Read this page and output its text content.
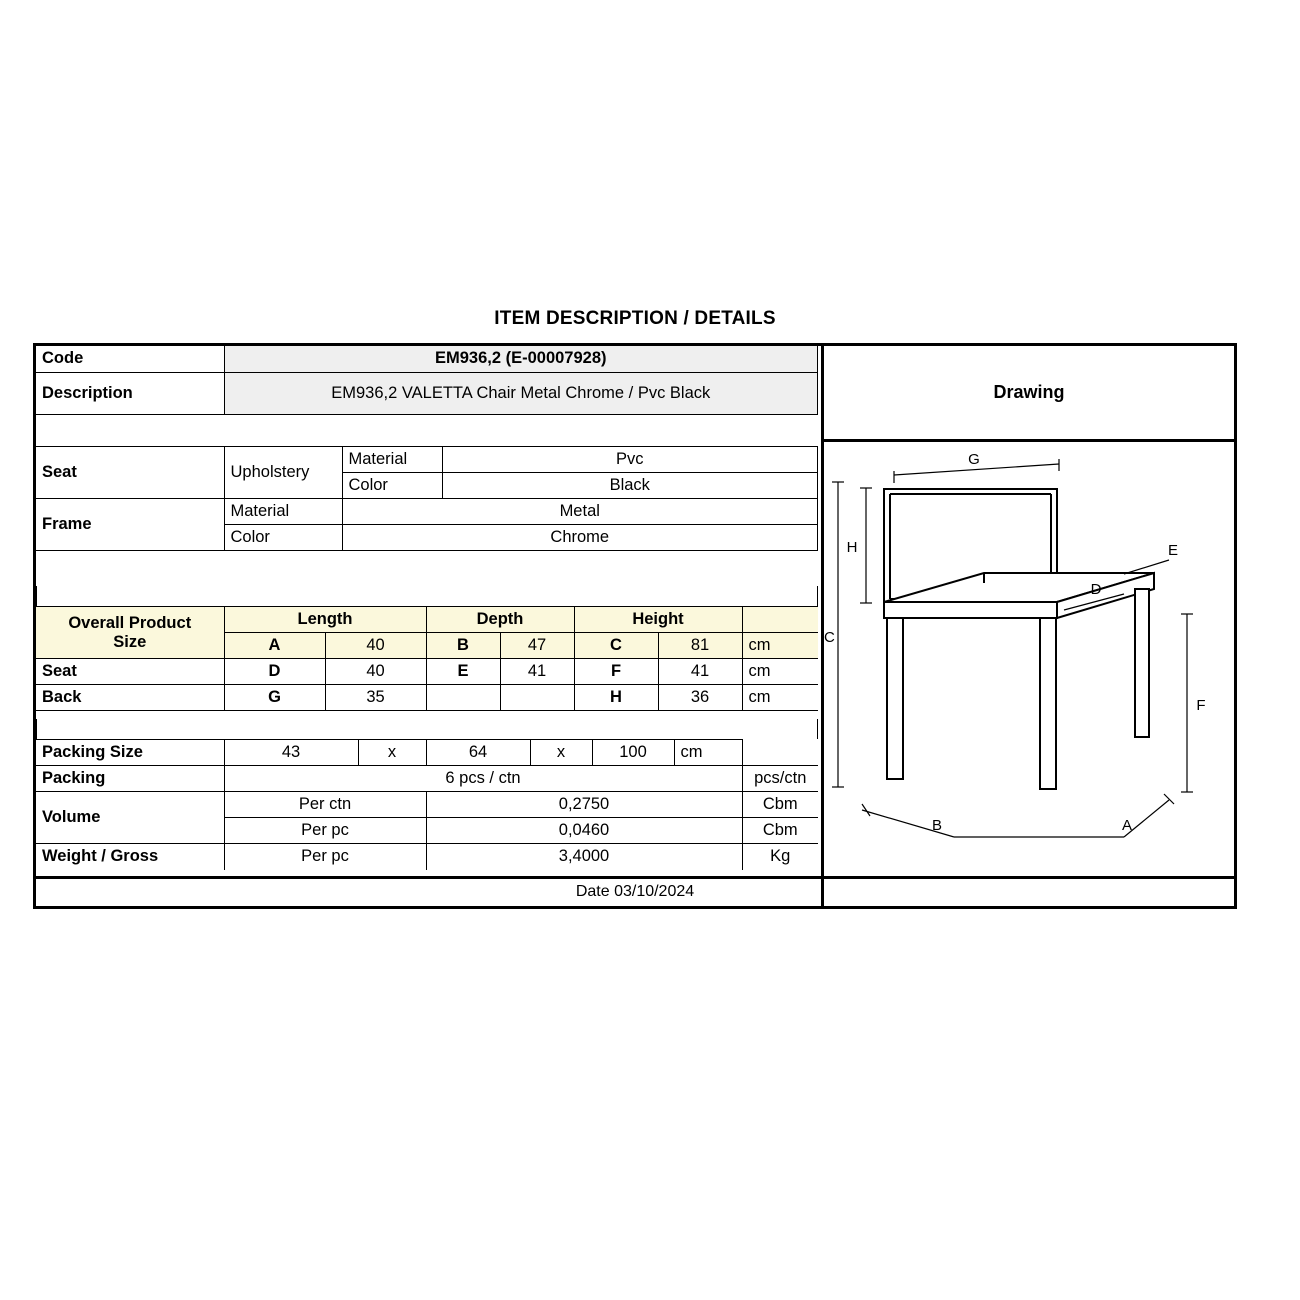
ITEM DESCRIPTION / DETAILS
Code	EM936,2 (E-00007928)
Description	EM936,2 VALETTA Chair Metal Chrome / Pvc Black
Seat	Upholstery	Material	Pvc
		Color	Black
Frame	Material	Metal	
	Color	Chrome	
Overall Product
Size	Length		Depth		Height		
	A	40	B	47	C	81	cm
Seat	D	40	E	41	F	41	cm
Back	G	35			H	36	cm
Packing Size	43	x	64	x	100	cm	
Packing	6 pcs / ctn						pcs/ctn
Volume	Per ctn		0,2750				Cbm
	Per pc		0,0460				Cbm
Weight / Gross	Per pc		3,4000				Kg
Drawing
G
H
C
E
D
F
B	A
Date 03/10/2024
